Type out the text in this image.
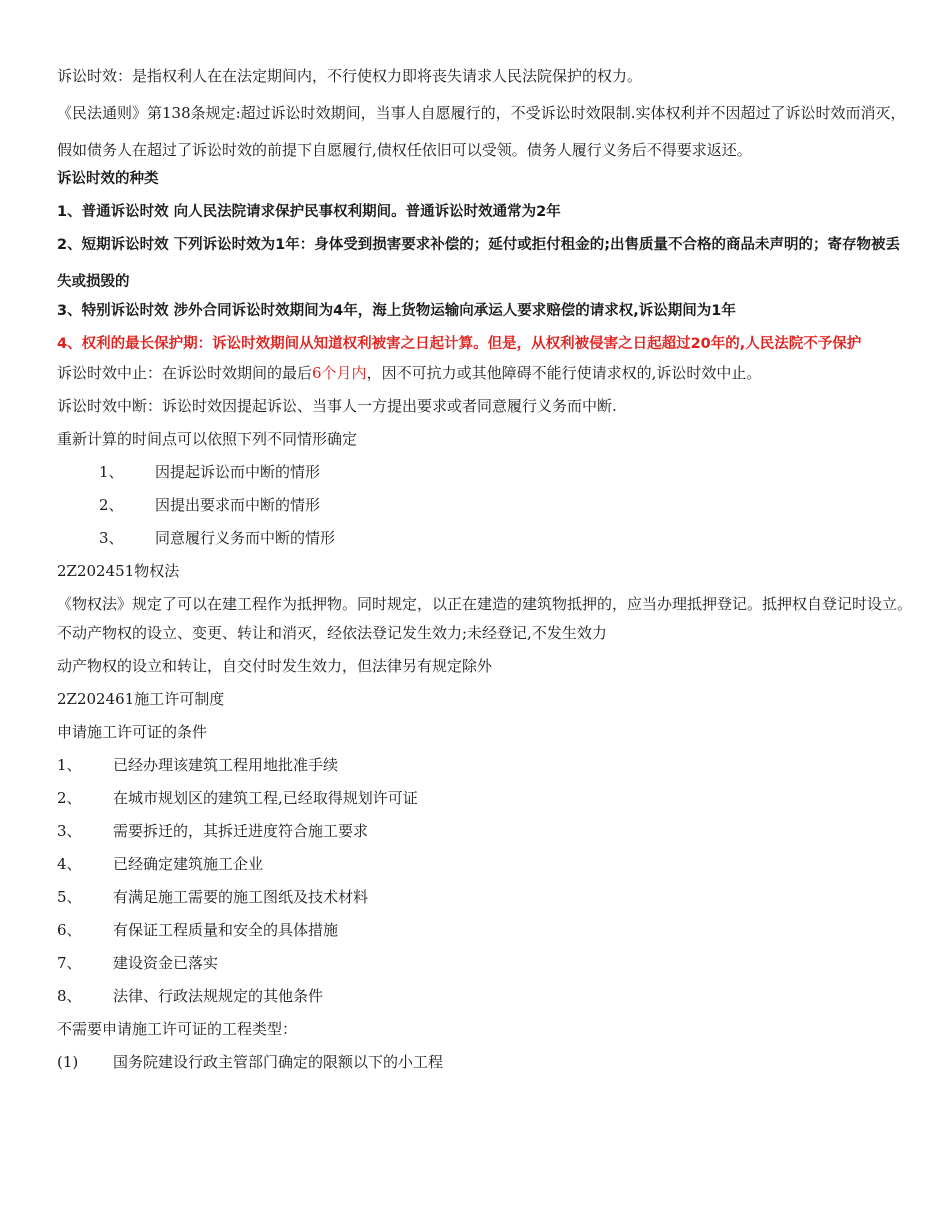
诉讼时效：是指权利人在在法定期间内，不行使权力即将丧失请求人民法院保护的权力。

《民法通则》第138条规定:超过诉讼时效期间，当事人自愿履行的，不受诉讼时效限制.实体权利并不因超过了诉讼时效而消灭，假如债务人在超过了诉讼时效的前提下自愿履行,债权任依旧可以受领。债务人履行义务后不得要求返还。

诉讼时效的种类

1、普通诉讼时效 向人民法院请求保护民事权利期间。普通诉讼时效通常为2年

2、短期诉讼时效 下列诉讼时效为1年：身体受到损害要求补偿的；延付或拒付租金的;出售质量不合格的商品未声明的；寄存物被丢失或损毁的

3、特别诉讼时效 涉外合同诉讼时效期间为4年，海上货物运输向承运人要求赔偿的请求权,诉讼期间为1年

4、权利的最长保护期：诉讼时效期间从知道权利被害之日起计算。但是，从权利被侵害之日起超过20年的,人民法院不予保护

诉讼时效中止：在诉讼时效期间的最后6个月内，因不可抗力或其他障碍不能行使请求权的,诉讼时效中止。

诉讼时效中断：诉讼时效因提起诉讼、当事人一方提出要求或者同意履行义务而中断.

重新计算的时间点可以依照下列不同情形确定

1、 因提起诉讼而中断的情形

2、 因提出要求而中断的情形

3、 同意履行义务而中断的情形

2Z202451物权法

《物权法》规定了可以在建工程作为抵押物。同时规定，以正在建造的建筑物抵押的，应当办理抵押登记。抵押权自登记时设立。

不动产物权的设立、变更、转让和消灭，经依法登记发生效力;未经登记,不发生效力

动产物权的设立和转让，自交付时发生效力，但法律另有规定除外

2Z202461施工许可制度

申请施工许可证的条件

1、 已经办理该建筑工程用地批准手续

2、 在城市规划区的建筑工程,已经取得规划许可证

3、 需要拆迁的，其拆迁进度符合施工要求

4、 已经确定建筑施工企业

5、 有满足施工需要的施工图纸及技术材料

6、 有保证工程质量和安全的具体措施

7、 建设资金已落实

8、 法律、行政法规规定的其他条件

不需要申请施工许可证的工程类型：

(1) 国务院建设行政主管部门确定的限额以下的小工程
